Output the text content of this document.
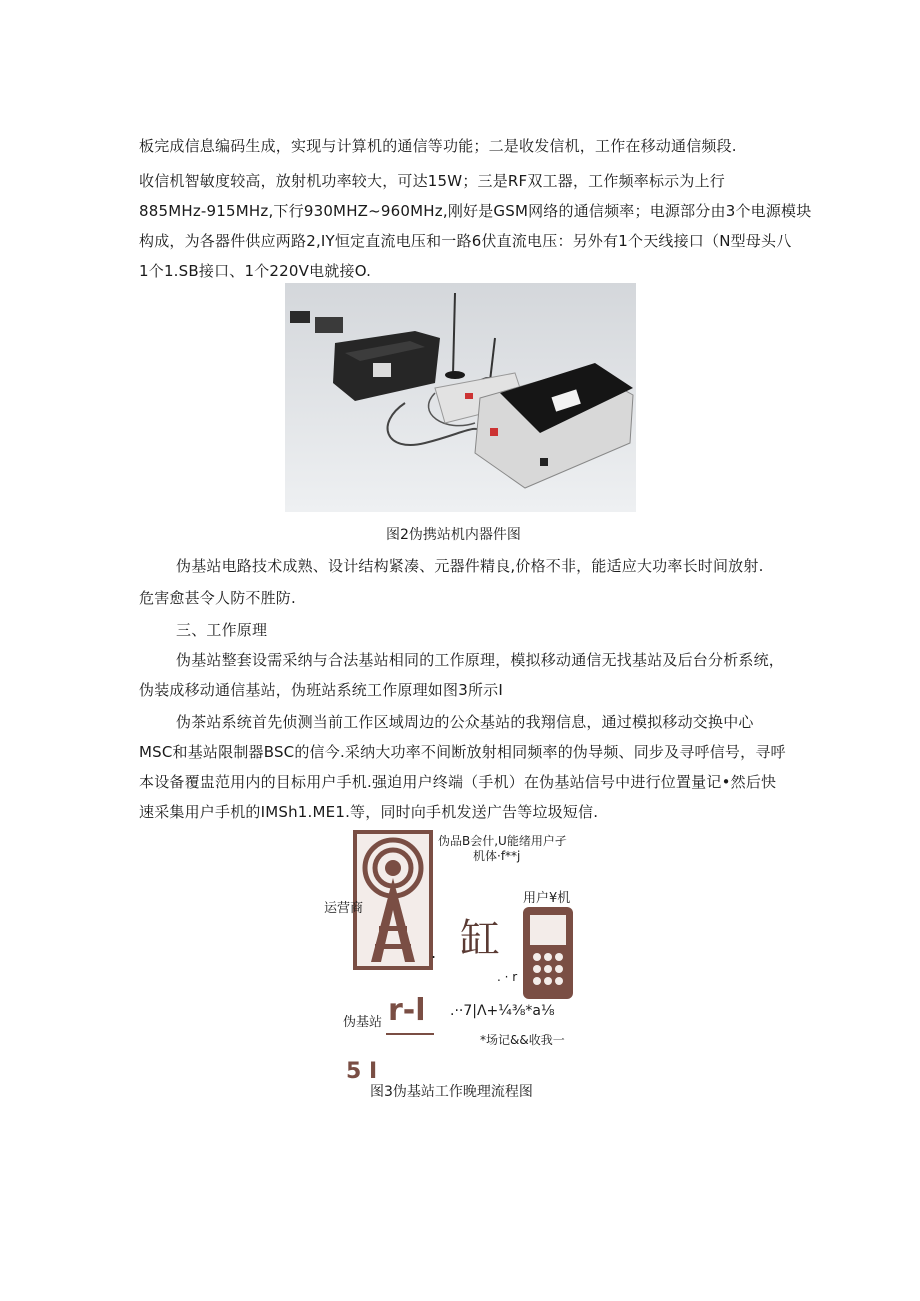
板完成信息编码生成，实现与计算机的通信等功能；二是收发信机，工作在移动通信频段.
收信机智敏度较高，放射机功率较大，可达15W；三是RF双工器，工作频率标示为上行
885MHz-915MHz,下行930MHZ~960MHz,刚好是GSM网络的通信频率；电源部分由3个电源模块
构成，为各器件供应两路2,IY恒定直流电压和一路6伏直流电压：另外有1个天线接口（N型母头八
1个1.SB接口、1个220V电就接O.
图2伪携站机内器件图
伪基站电路技术成熟、设计结构紧凑、元器件精良,价格不非，能适应大功率长时间放射.
危害愈甚令人防不胜防.
三、工作原理
伪基站整套设需采纳与合法基站相同的工作原理，模拟移动通信无找基站及后台分析系统，
伪装成移动通信基站，伪班站系统工作原理如图3所示I
伪茶站系统首先侦测当前工作区域周边的公众基站的我翔信息，通过模拟移动交换中心
MSC和基站限制器BSC的信今.采纳大功率不间断放射相同频率的伪导频、同步及寻呼信号，寻呼
本设备覆盅范用内的目标用户手机.强迫用户终端（手机）在伪基站信号中进行位置量记•然后快
速采集用户手机的IMSh1.ME1.等，同时向手机发送广告等垃圾短信.
伪品B会什,U能绪用户孑
机体·f**j
运营商
用户¥机
. 缸
. · r
伪基站 r-l .··7|Λ+¼⅜*a⅛
*场记&&收我一
5 I
图3伪基站工作晚理流程图
